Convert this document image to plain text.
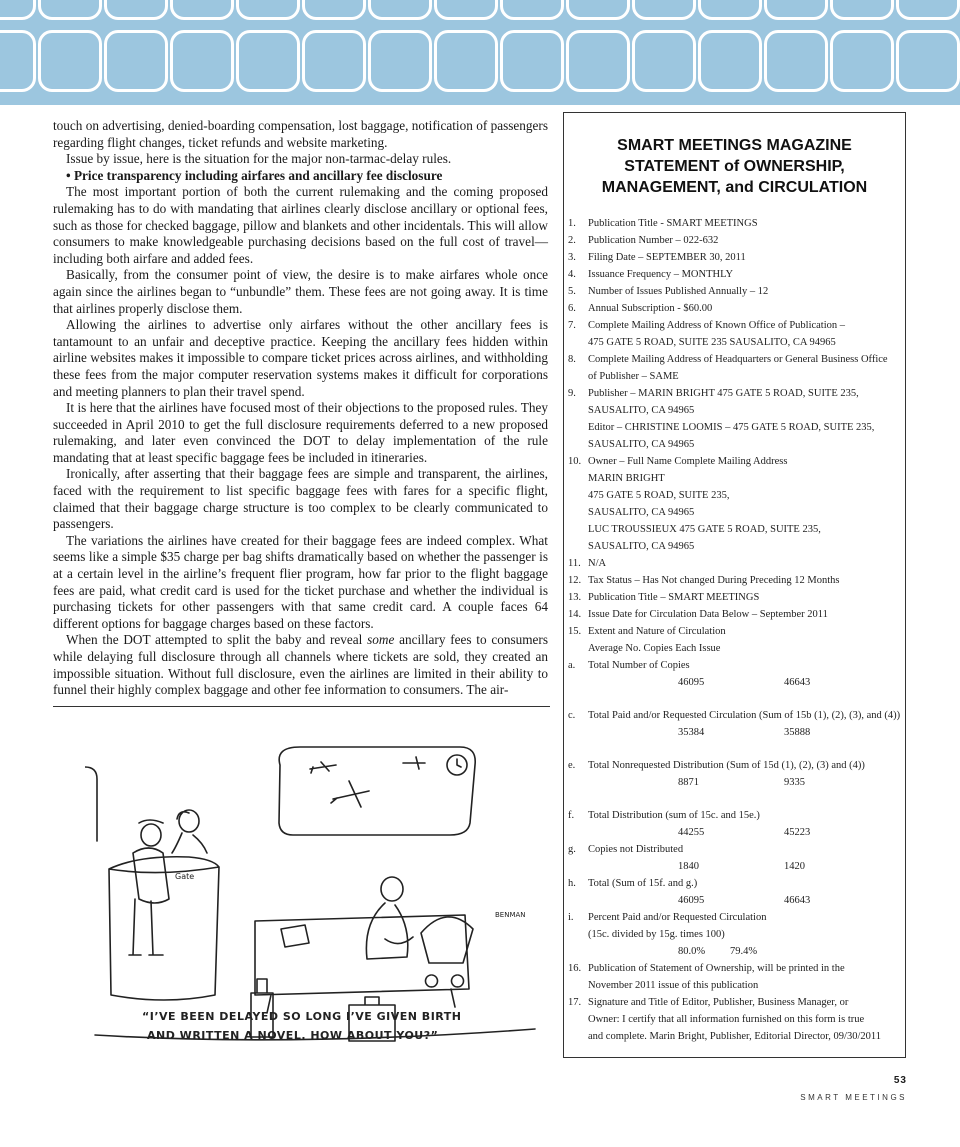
touch on advertising, denied-boarding compensation, lost baggage, notification of passengers regarding flight changes, ticket refunds and website marketing.

Issue by issue, here is the situation for the major non-tarmac-delay rules.

• Price transparency including airfares and ancillary fee disclosure

The most important portion of both the current rulemaking and the coming proposed rulemaking has to do with mandating that airlines clearly disclose ancillary or optional fees, such as those for checked baggage, pillow and blankets and other incidentals. This will allow consumers to make knowledgeable purchasing decisions based on the full cost of travel—including both airfare and added fees.

Basically, from the consumer point of view, the desire is to make airfares whole once again since the airlines began to “unbundle” them. These fees are not going away. It is time that airlines properly disclose them.

Allowing the airlines to advertise only airfares without the other ancillary fees is tantamount to an unfair and deceptive practice. Keeping the ancillary fees hidden within airline websites makes it impossible to compare ticket prices across airlines, and withholding these fees from the major computer reservation systems makes it difficult for corporations and meeting planners to plan their travel spend.

It is here that the airlines have focused most of their objections to the proposed rules. They succeeded in April 2010 to get the full disclosure requirements deferred to a new proposed rulemaking, and later even convinced the DOT to delay implementation of the rule mandating that at least specific baggage fees be included in itineraries.

Ironically, after asserting that their baggage fees are simple and transparent, the airlines, faced with the requirement to list specific baggage fees with fares for a specific flight, claimed that their baggage charge structure is too complex to be clearly communicated to passengers.

The variations the airlines have created for their baggage fees are indeed complex. What seems like a simple $35 charge per bag shifts dramatically based on whether the passenger is at a certain level in the airline’s frequent flier program, how far prior to the flight baggage fees are paid, what credit card is used for the ticket purchase and whether the individual is purchasing tickets for other passengers with that same credit card. A couple faces 64 different options for baggage charges based on these factors.

When the DOT attempted to split the baby and reveal some ancillary fees to consumers while delaying full disclosure through all channels where tickets are sold, they created an impossible situation. Without full disclosure, even the airlines are limited in their ability to funnel their highly complex baggage and other fee information to consumers. The air-

Gate
BENMAN
“I’VE BEEN DELAYED SO LONG I’VE GIVEN BIRTH
AND WRITTEN A NOVEL. HOW ABOUT YOU?”
SMART MEETINGS MAGAZINE
STATEMENT of OWNERSHIP,
MANAGEMENT, and CIRCULATION
1. Publication Title - SMART MEETINGS
2. Publication Number – 022-632
3. Filing Date – SEPTEMBER 30, 2011
4. Issuance Frequency – MONTHLY
5. Number of Issues Published Annually – 12
6. Annual Subscription - $60.00
7. Complete Mailing Address of Known Office of Publication –
475 GATE 5 ROAD, SUITE 235 SAUSALITO, CA 94965
8. Complete Mailing Address of Headquarters or General Business Office
of Publisher – SAME
9. Publisher – MARIN BRIGHT 475 GATE 5 ROAD, SUITE 235,
SAUSALITO, CA 94965
Editor – CHRISTINE LOOMIS – 475 GATE 5 ROAD, SUITE 235,
SAUSALITO, CA 94965
10. Owner – Full Name Complete Mailing Address
MARIN BRIGHT
475 GATE 5 ROAD, SUITE 235,
SAUSALITO, CA 94965
LUC TROUSSIEUX 475 GATE 5 ROAD, SUITE 235,
SAUSALITO, CA 94965
11. N/A
12. Tax Status – Has Not changed During Preceding 12 Months
13. Publication Title – SMART MEETINGS
14. Issue Date for Circulation Data Below – September 2011
15. Extent and Nature of Circulation
Average No. Copies Each Issue
a. Total Number of Copies
46095	46643
c. Total Paid and/or Requested Circulation (Sum of 15b (1), (2), (3), and (4))
35384	35888
e. Total Nonrequested Distribution (Sum of 15d (1), (2), (3) and (4))
8871	9335
f. Total Distribution (sum of 15c. and 15e.)
44255	45223
g. Copies not Distributed
1840	1420
h. Total (Sum of 15f. and g.)
46095	46643
i. Percent Paid and/or Requested Circulation
(15c. divided by 15g. times 100)
80.0% 79.4%
16. Publication of Statement of Ownership, will be printed in the
November 2011 issue of this publication
17. Signature and Title of Editor, Publisher, Business Manager, or
Owner: I certify that all information furnished on this form is true
and complete. Marin Bright, Publisher, Editorial Director, 09/30/2011
53
SMART MEETINGS
